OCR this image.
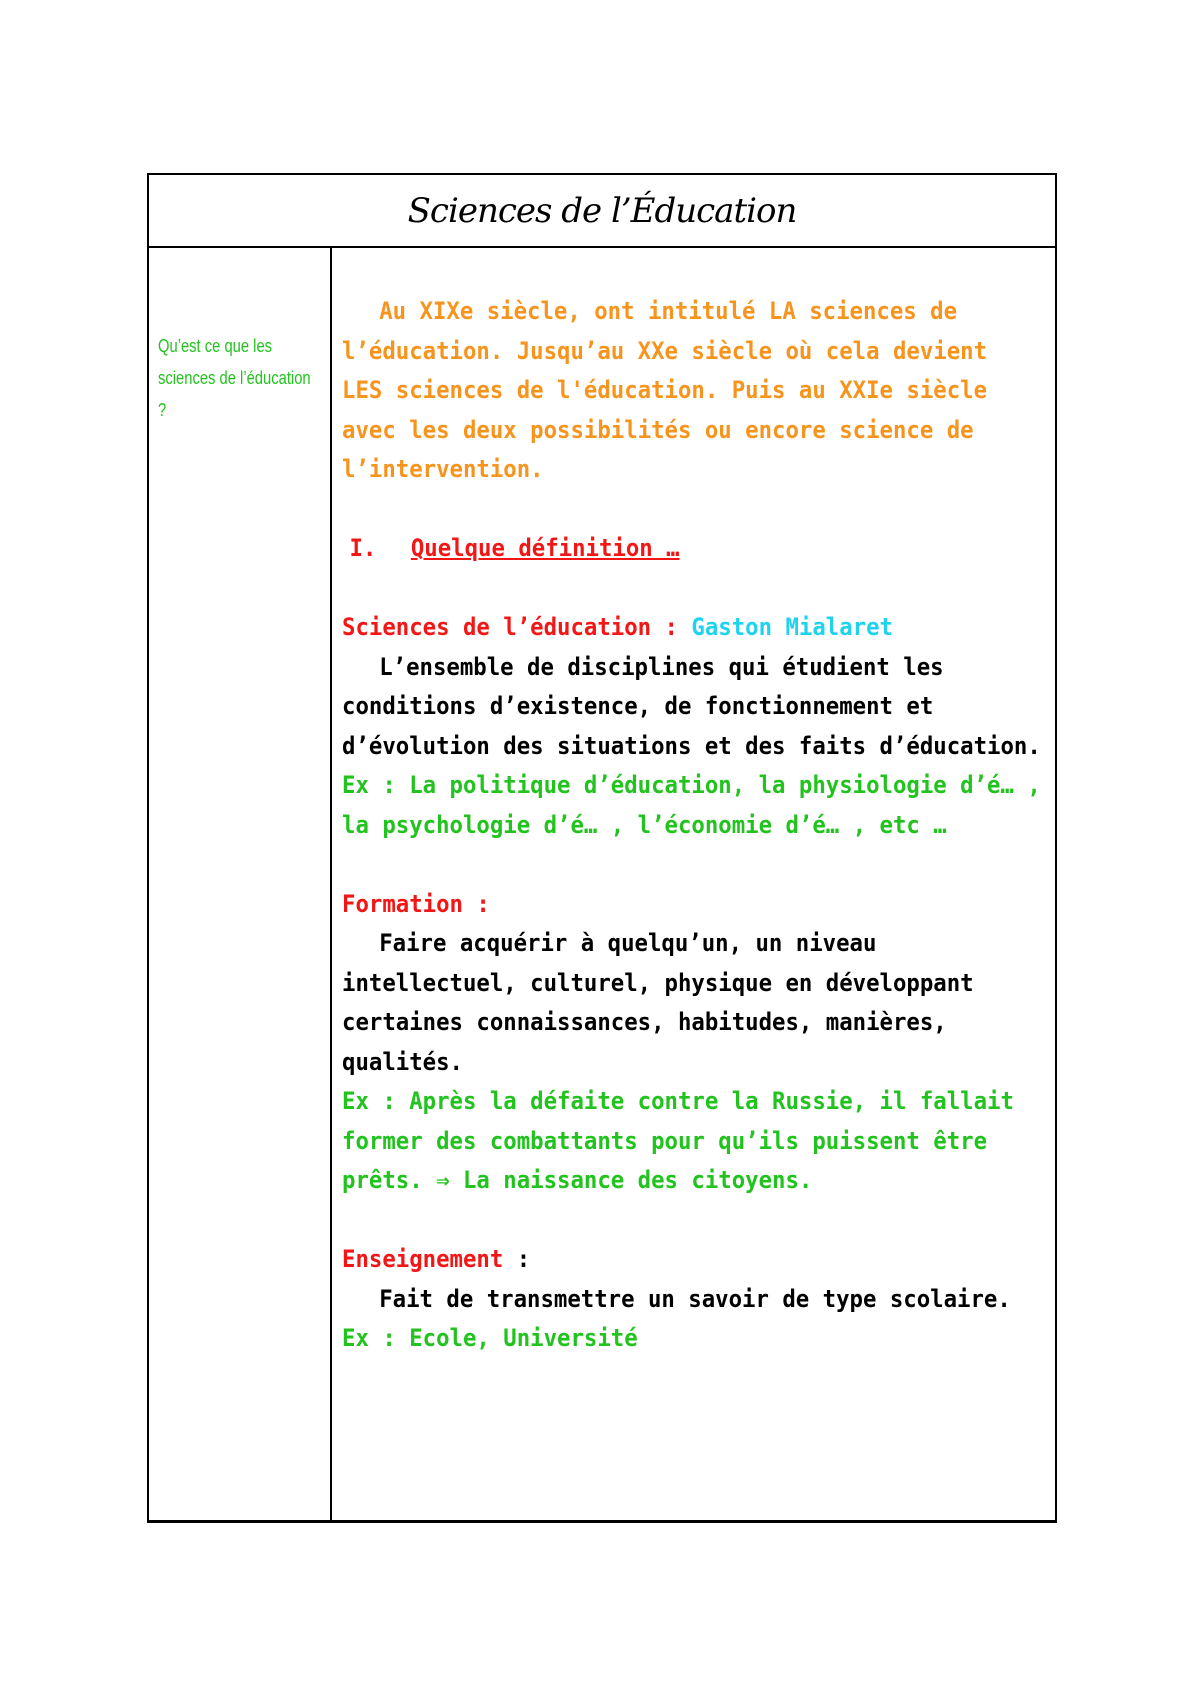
Sciences de l’Éducation
Qu’est ce que les sciences de l’éducation ?

Au XIXe siècle, ont intitulé LA sciences de

l’éducation. Jusqu’au XXe siècle où cela devient

LES sciences de l'éducation. Puis au XXIe siècle

avec les deux possibilités ou encore science de

l’intervention.

I. Quelque définition …

Sciences de l’éducation : Gaston Mialaret

L’ensemble de disciplines qui étudient les

conditions d’existence, de fonctionnement et

d’évolution des situations et des faits d’éducation.

Ex : La politique d’éducation, la physiologie d’é… ,

la psychologie d’é… , l’économie d’é… , etc …

Formation :

Faire acquérir à quelqu’un, un niveau

intellectuel, culturel, physique en développant

certaines connaissances, habitudes, manières,

qualités.

Ex : Après la défaite contre la Russie, il fallait

former des combattants pour qu’ils puissent être

prêts. ⇒ La naissance des citoyens.

Enseignement :

Fait de transmettre un savoir de type scolaire.

Ex : Ecole, Université
